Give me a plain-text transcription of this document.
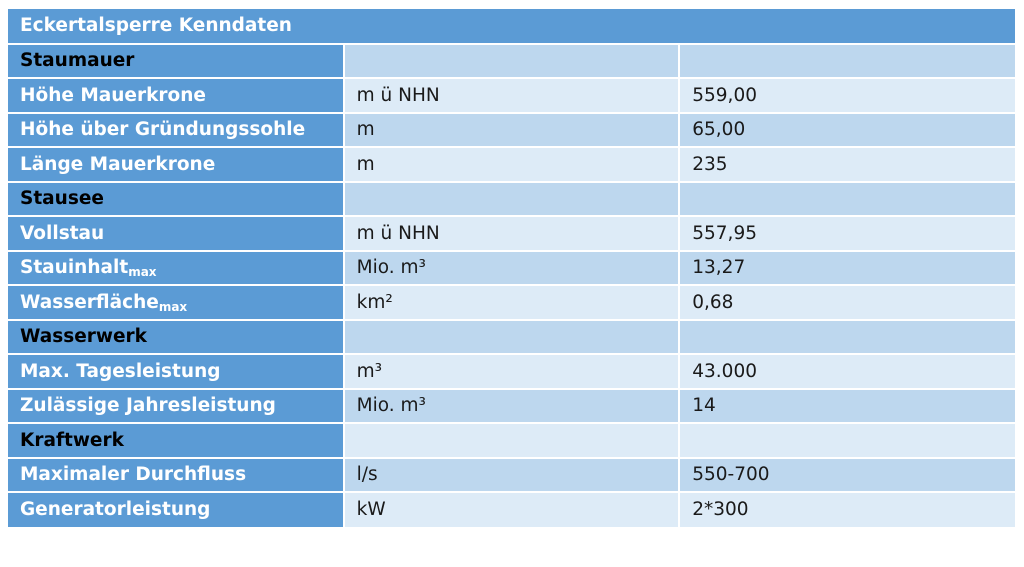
Eckertalsperre Kenndaten		
Staumauer		
Höhe Mauerkrone	m ü NHN	559,00
Höhe über Gründungssohle	m	65,00
Länge Mauerkrone	m	235
Stausee		
Vollstau	m ü NHN	557,95
Stauinhalt$_{max}$	Mio. m³	13,27
Wasserfläche$_{max}$	km²	0,68
Wasserwerk		
Max. Tagesleistung	m³	43.000
Zulässige Jahresleistung	Mio. m³	14
Kraftwerk		
Maximaler Durchfluss	l/s	550-700
Generatorleistung	kW	2*300
